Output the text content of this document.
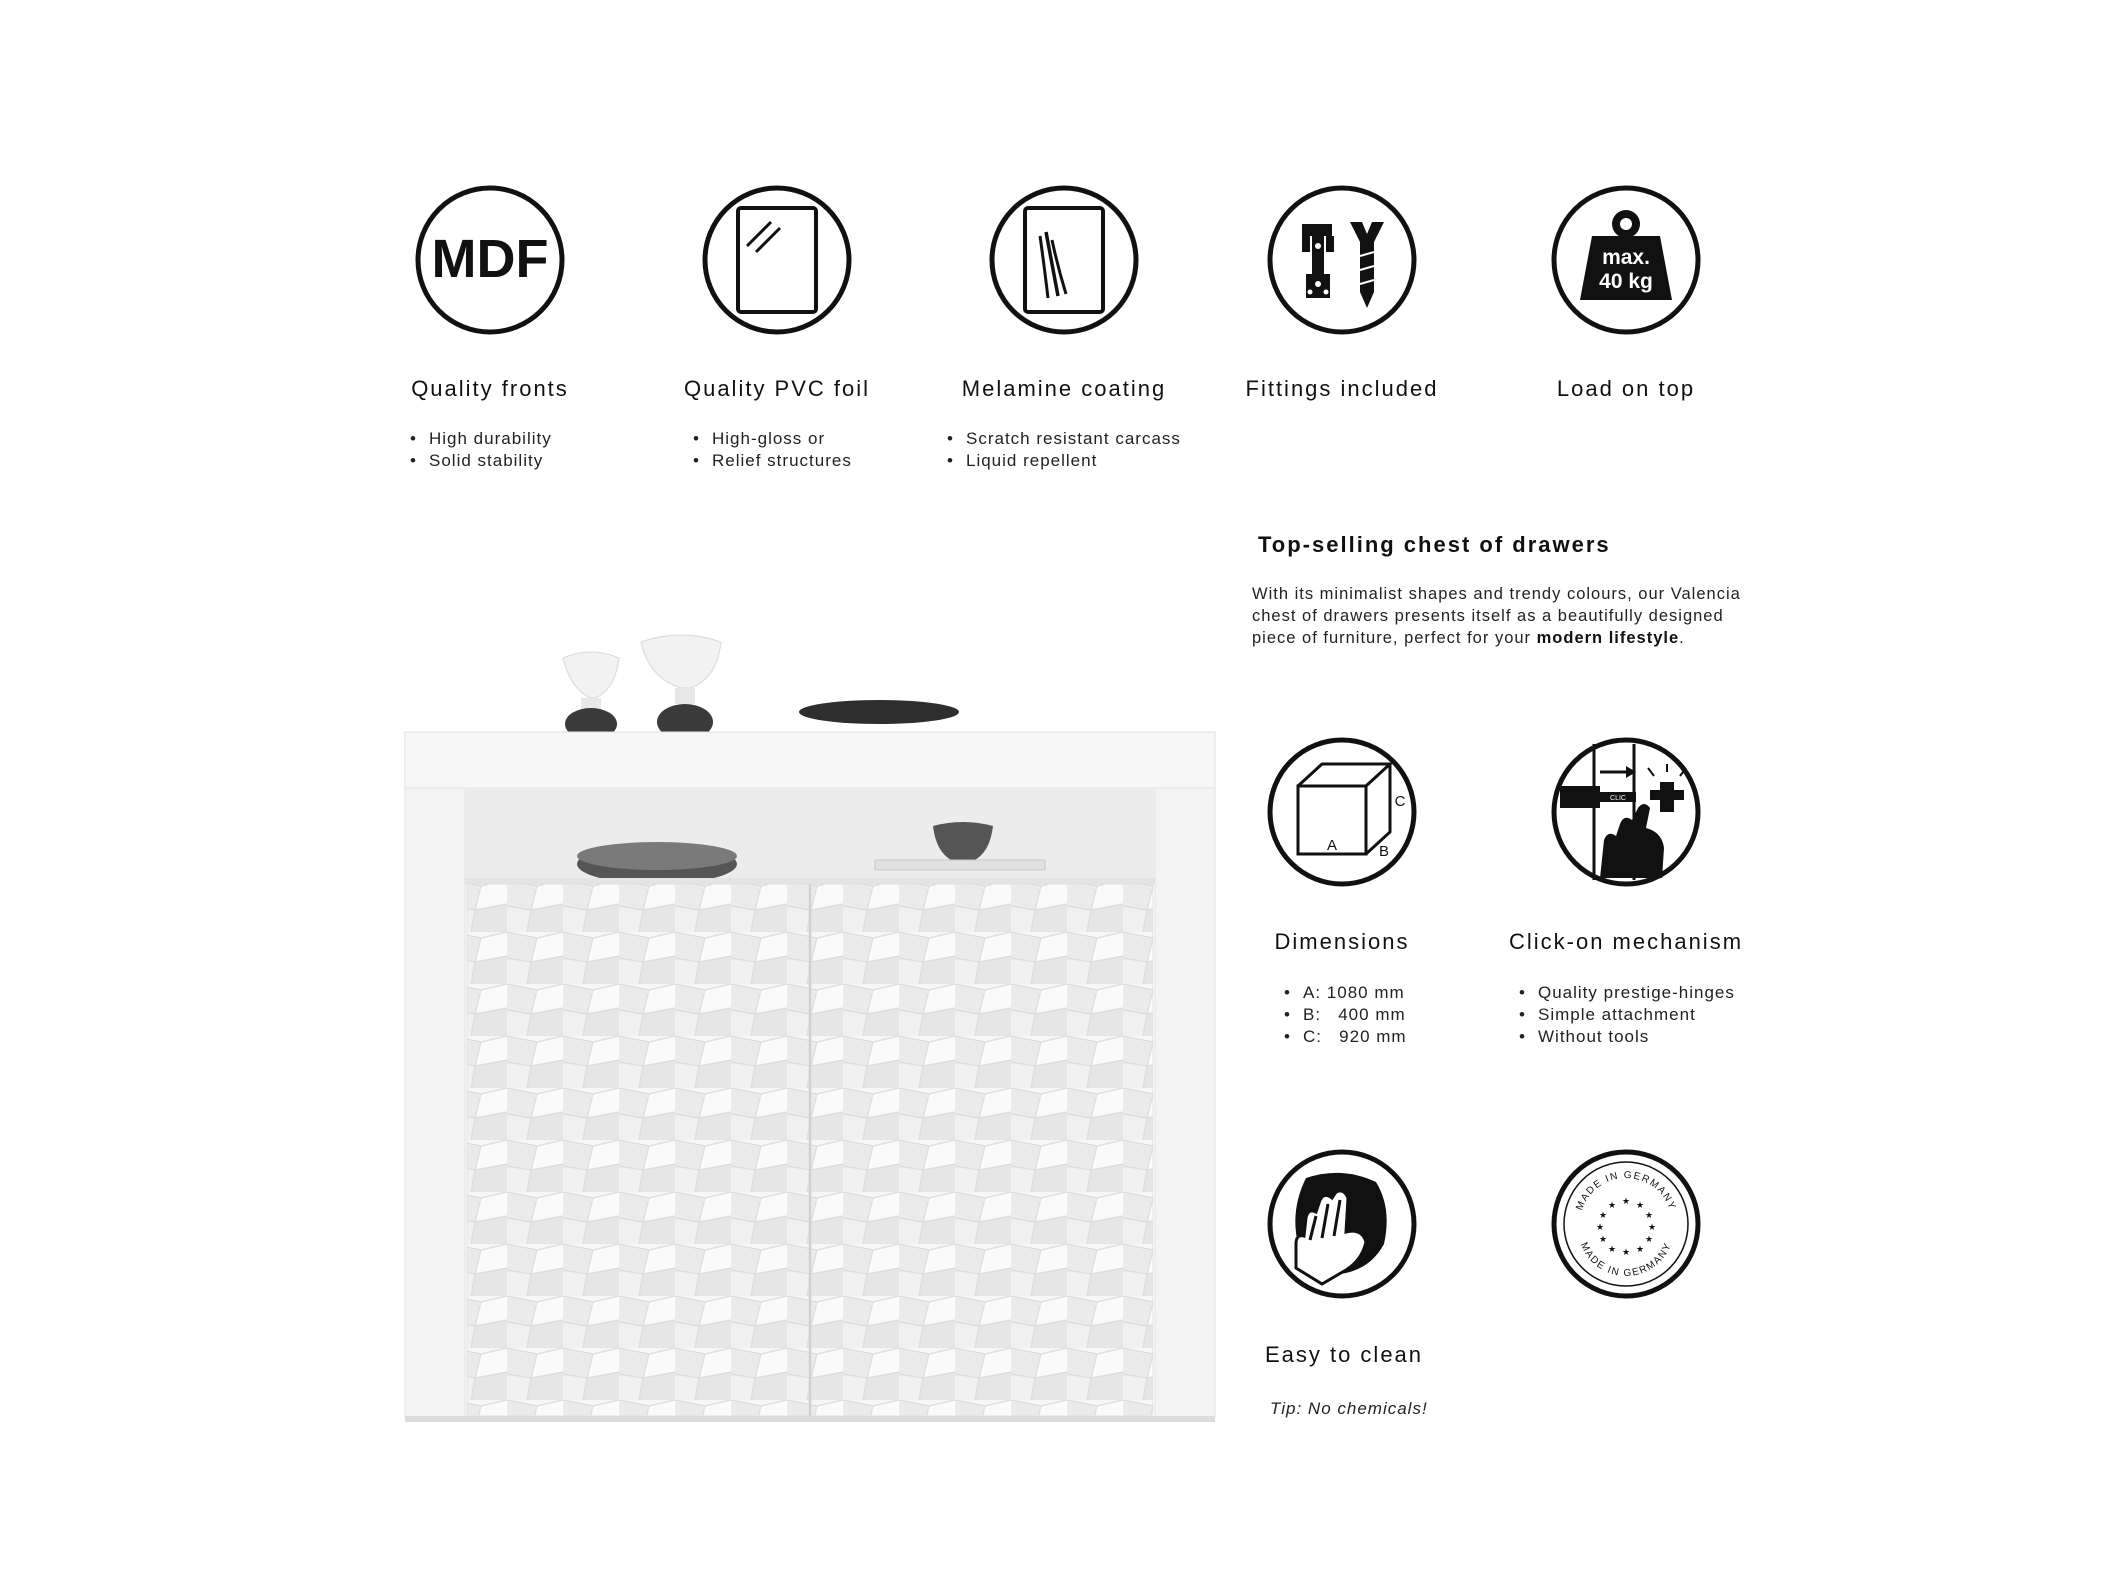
MDF
Quality fronts
• High durability
• Solid stability
Quality PVC foil
• High-gloss or
• Relief structures
Melamine coating
• Scratch resistant carcass
• Liquid repellent
Fittings included
max.
40 kg
Load on top
Top-selling chest of drawers
With its minimalist shapes and trendy colours, our Valencia chest of drawers presents itself as a beautifully designed piece of furniture, perfect for your modern lifestyle.
A	B
C
Dimensions
• A: 1080 mm
• B:   400 mm
• C:   920 mm
CLIC
Click-on mechanism
• Quality prestige-hinges
• Simple attachment
• Without tools
Easy to clean
Tip: No chemicals!
MADE IN GERMANY
MADE IN GERMANY
★ ★
★
★
★
★
★
★
★
★
★
★
